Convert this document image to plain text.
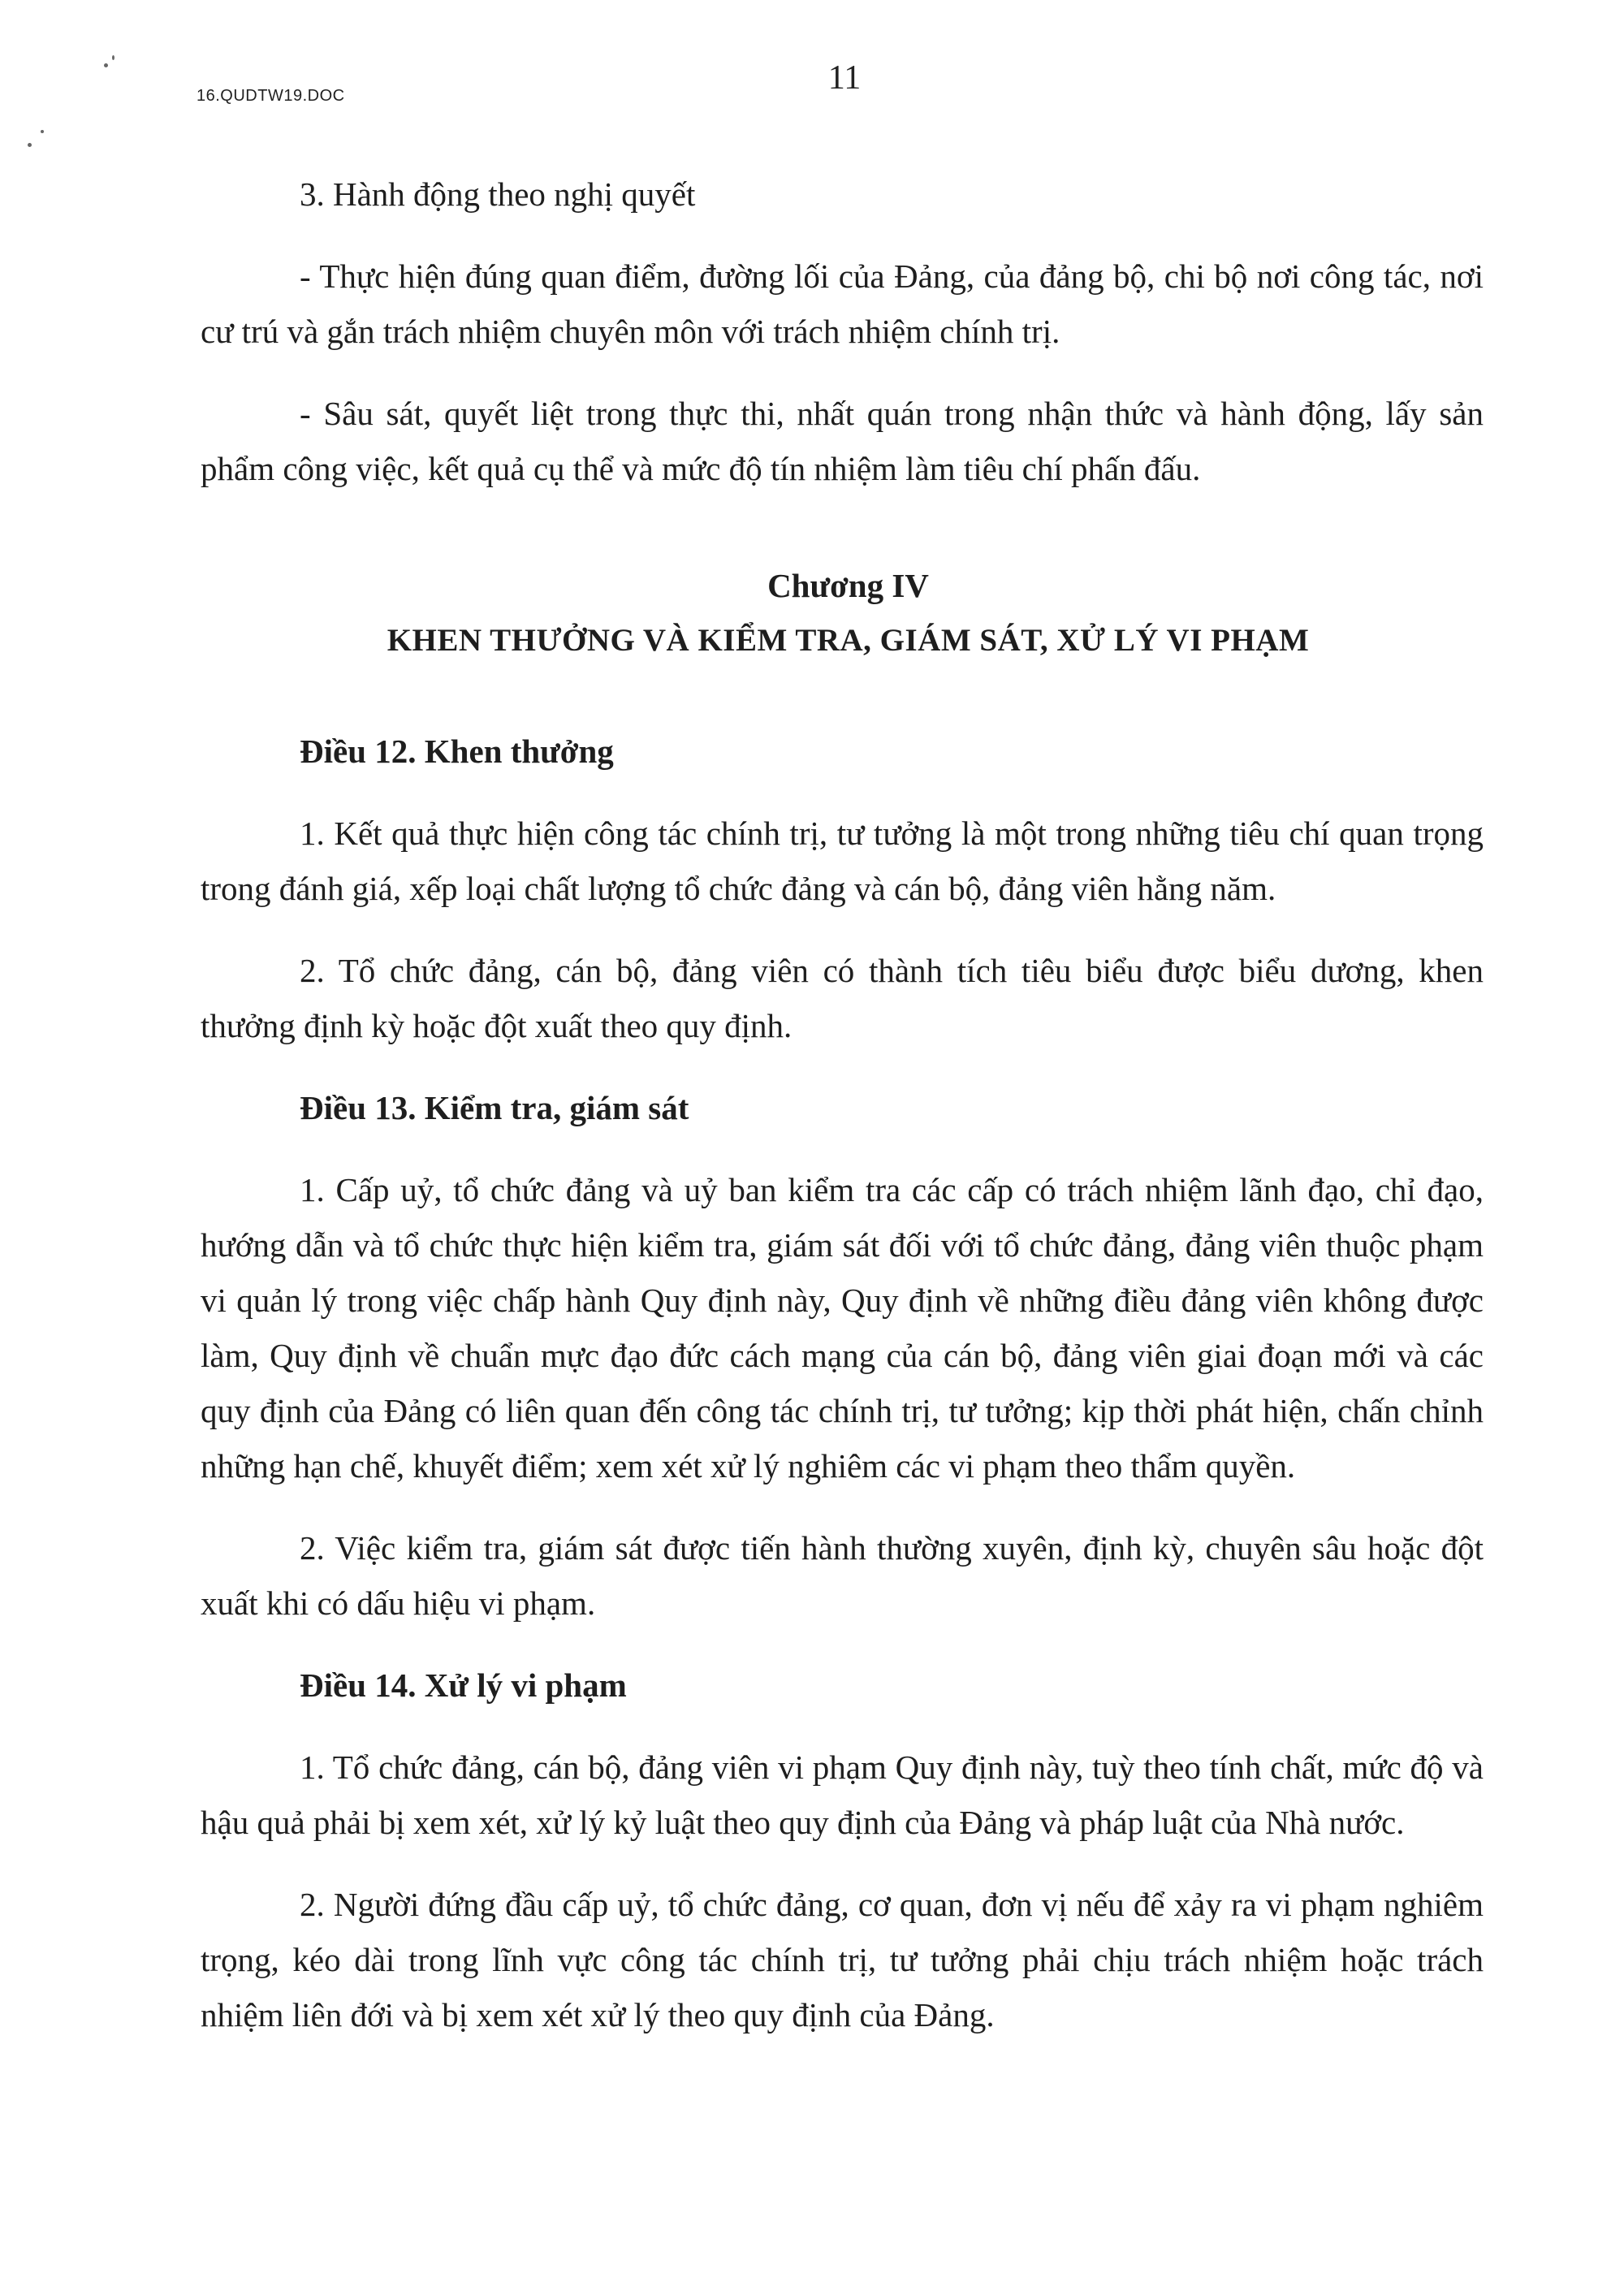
16.QUDTW19.DOC	11

3. Hành động theo nghị quyết

- Thực hiện đúng quan điểm, đường lối của Đảng, của đảng bộ, chi bộ nơi công tác, nơi cư trú và gắn trách nhiệm chuyên môn với trách nhiệm chính trị.

- Sâu sát, quyết liệt trong thực thi, nhất quán trong nhận thức và hành động, lấy sản phẩm công việc, kết quả cụ thể và mức độ tín nhiệm làm tiêu chí phấn đấu.

Chương IV

KHEN THƯỞNG VÀ KIỂM TRA, GIÁM SÁT, XỬ LÝ VI PHẠM

Điều 12. Khen thưởng

1. Kết quả thực hiện công tác chính trị, tư tưởng là một trong những tiêu chí quan trọng trong đánh giá, xếp loại chất lượng tổ chức đảng và cán bộ, đảng viên hằng năm.

2. Tổ chức đảng, cán bộ, đảng viên có thành tích tiêu biểu được biểu dương, khen thưởng định kỳ hoặc đột xuất theo quy định.

Điều 13. Kiểm tra, giám sát

1. Cấp uỷ, tổ chức đảng và uỷ ban kiểm tra các cấp có trách nhiệm lãnh đạo, chỉ đạo, hướng dẫn và tổ chức thực hiện kiểm tra, giám sát đối với tổ chức đảng, đảng viên thuộc phạm vi quản lý trong việc chấp hành Quy định này, Quy định về những điều đảng viên không được làm, Quy định về chuẩn mực đạo đức cách mạng của cán bộ, đảng viên giai đoạn mới và các quy định của Đảng có liên quan đến công tác chính trị, tư tưởng; kịp thời phát hiện, chấn chỉnh những hạn chế, khuyết điểm; xem xét xử lý nghiêm các vi phạm theo thẩm quyền.

2. Việc kiểm tra, giám sát được tiến hành thường xuyên, định kỳ, chuyên sâu hoặc đột xuất khi có dấu hiệu vi phạm.

Điều 14. Xử lý vi phạm

1. Tổ chức đảng, cán bộ, đảng viên vi phạm Quy định này, tuỳ theo tính chất, mức độ và hậu quả phải bị xem xét, xử lý kỷ luật theo quy định của Đảng và pháp luật của Nhà nước.

2. Người đứng đầu cấp uỷ, tổ chức đảng, cơ quan, đơn vị nếu để xảy ra vi phạm nghiêm trọng, kéo dài trong lĩnh vực công tác chính trị, tư tưởng phải chịu trách nhiệm hoặc trách nhiệm liên đới và bị xem xét xử lý theo quy định của Đảng.
